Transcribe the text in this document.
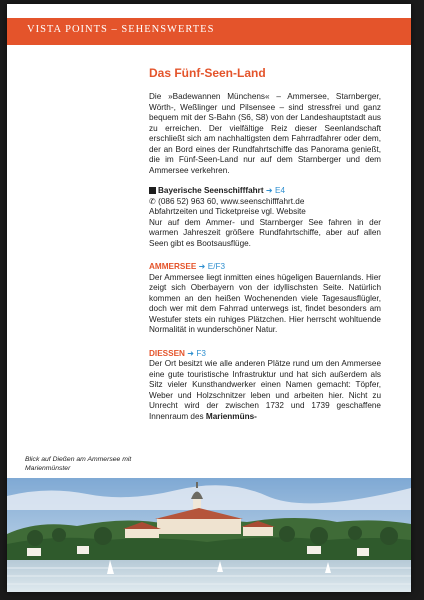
VISTA POINTS – SEHENSWERTES
Das Fünf-Seen-Land

Die »Badewannen Münchens« – Ammersee, Starnberger, Wörth-, Weßlinger und Pilsensee – sind stressfrei und ganz bequem mit der S-Bahn (S6, S8) von der Landeshauptstadt aus zu erreichen. Der vielfältige Reiz dieser Seenlandschaft erschließt sich am nachhaltigsten dem Fahrradfahrer oder dem, der an Bord eines der Rundfahrtschiffe das Panorama genießt, die im Fünf-Seen-Land nur auf dem Starnberger und dem Ammersee verkehren.

Bayerische Seenschifffahrt ➜ E4
✆ (086 52) 963 60, www.seenschifffahrt.de
Abfahrtzeiten und Ticketpreise vgl. Website
Nur auf dem Ammer- und Starnberger See fahren in der warmen Jahreszeit größere Rundfahrtschiffe, aber auf allen Seen gibt es Bootsausflüge.

AMMERSEE ➜ E/F3

Der Ammersee liegt inmitten eines hügeligen Bauernlands. Hier zeigt sich Oberbayern von der idyllischsten Seite. Natürlich kommen an den heißen Wochenenden viele Tagesausflügler, doch wer mit dem Fahrrad unterwegs ist, findet besonders am Westufer stets ein ruhiges Plätzchen. Hier herrscht wohltuende Normalität in wunderschöner Natur.

DIESSEN ➜ F3

Der Ort besitzt wie alle anderen Plätze rund um den Ammersee eine gute touristische Infrastruktur und hat sich außerdem als Sitz vieler Kunsthandwerker einen Namen gemacht: Töpfer, Weber und Holzschnitzer leben und arbeiten hier. Nicht zu Unrecht wird der zwischen 1732 und 1739 geschaffene Innenraum des Marienmüns-

Blick auf Dießen am Ammersee mit Marienmünster
